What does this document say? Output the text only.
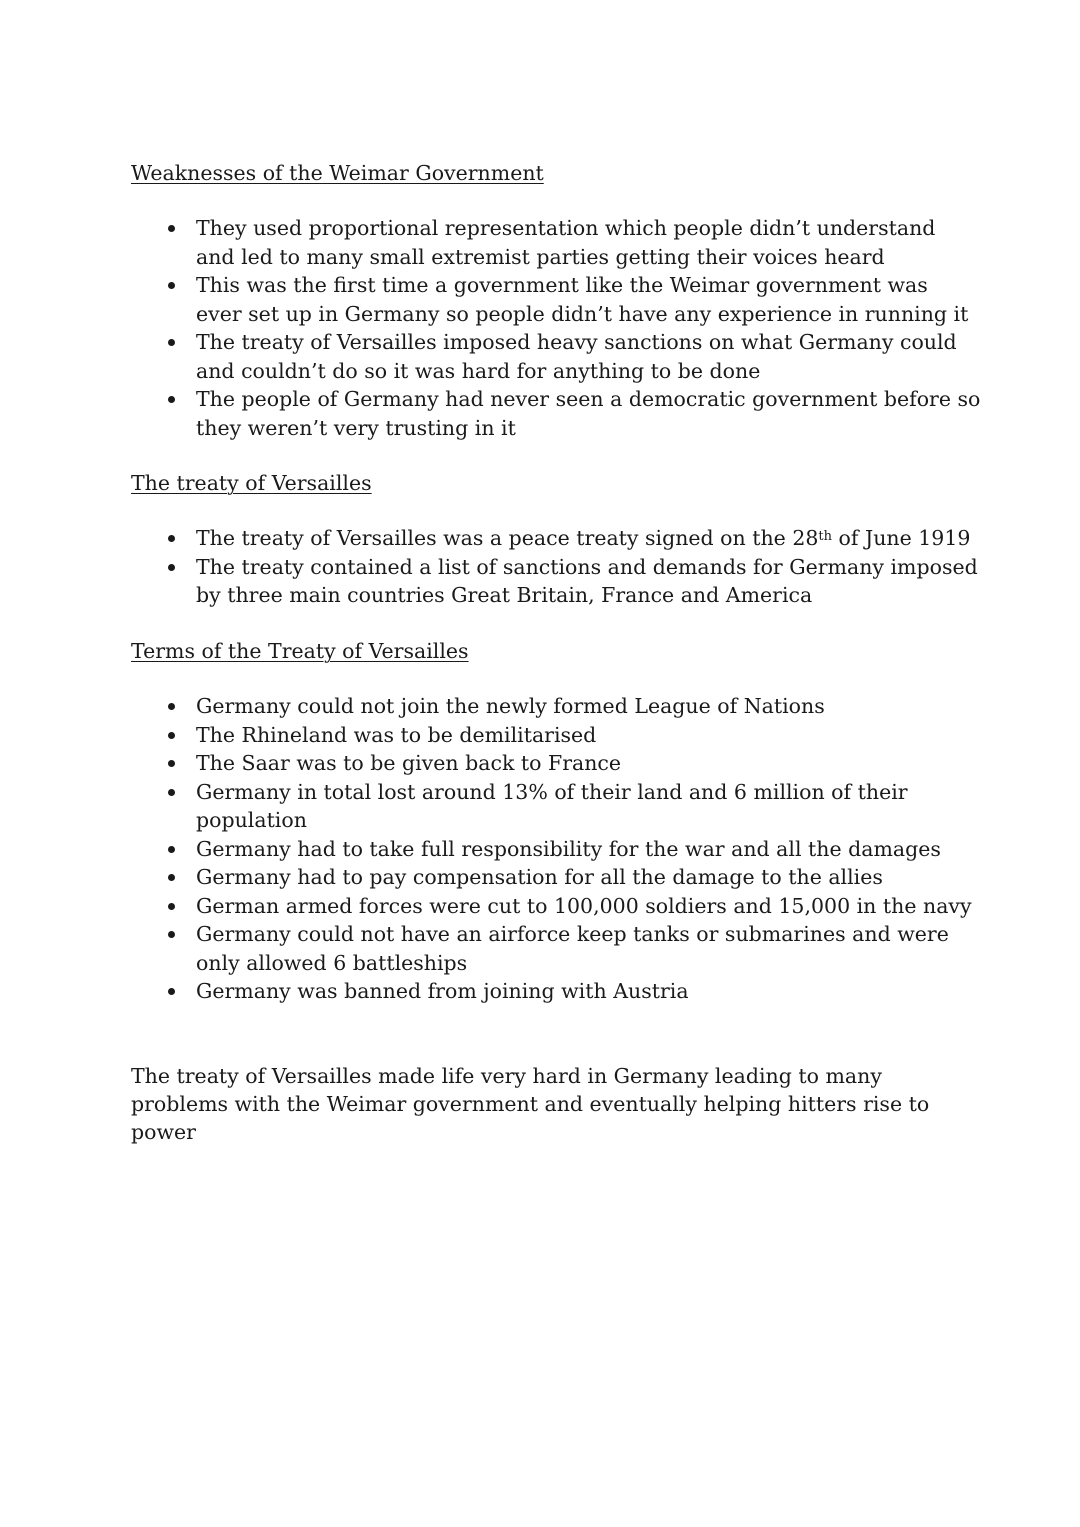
Weaknesses of the Weimar Government
They used proportional representation which people didn’t understand
and led to many small extremist parties getting their voices heard
This was the first time a government like the Weimar government was
ever set up in Germany so people didn’t have any experience in running it
The treaty of Versailles imposed heavy sanctions on what Germany could
and couldn’t do so it was hard for anything to be done
The people of Germany had never seen a democratic government before so
they weren’t very trusting in it
The treaty of Versailles
The treaty of Versailles was a peace treaty signed on the 28th of June 1919
The treaty contained a list of sanctions and demands for Germany imposed
by three main countries Great Britain, France and America
Terms of the Treaty of Versailles
Germany could not join the newly formed League of Nations
The Rhineland was to be demilitarised
The Saar was to be given back to France
Germany in total lost around 13% of their land and 6 million of their
population
Germany had to take full responsibility for the war and all the damages
Germany had to pay compensation for all the damage to the allies
German armed forces were cut to 100,000 soldiers and 15,000 in the navy
Germany could not have an airforce keep tanks or submarines and were
only allowed 6 battleships
Germany was banned from joining with Austria

The treaty of Versailles made life very hard in Germany leading to many
problems with the Weimar government and eventually helping hitters rise to
power
